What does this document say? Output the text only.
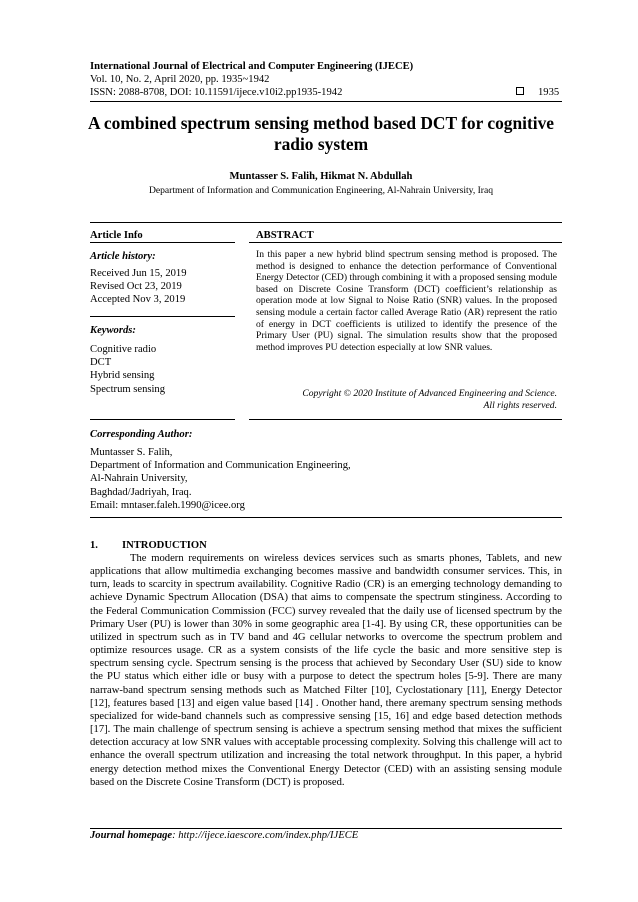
International Journal of Electrical and Computer Engineering (IJECE)
Vol. 10, No. 2, April 2020, pp. 1935~1942
ISSN: 2088-8708, DOI: 10.11591/ijece.v10i2.pp1935-1942	1935
A combined spectrum sensing method based DCT for cognitive
radio system
Muntasser S. Falih, Hikmat N. Abdullah
Department of Information and Communication Engineering, Al-Nahrain University, Iraq
Article Info
Article history:
Received Jun 15, 2019
Revised Oct 23, 2019
Accepted Nov 3, 2019
Keywords:
Cognitive radio
DCT
Hybrid sensing
Spectrum sensing
ABSTRACT
In this paper a new hybrid blind spectrum sensing method is proposed. The method is designed to enhance the detection performance of Conventional Energy Detector (CED) through combining it with a proposed sensing module based on Discrete Cosine Transform (DCT) coefficient’s relationship as operation mode at low Signal to Noise Ratio (SNR) values. In the proposed sensing module a certain factor called Average Ratio (AR) represent the ratio of energy in DCT coefficients is utilized to identify the presence of the Primary User (PU) signal. The simulation results show that the proposed method improves PU detection especially at low SNR values.
Copyright © 2020 Institute of Advanced Engineering and Science.
All rights reserved.
Corresponding Author:
Muntasser S. Falih,
Department of Information and Communication Engineering,
Al-Nahrain University,
Baghdad/Jadriyah, Iraq.
Email: mntaser.faleh.1990@icee.org
1. INTRODUCTION
The modern requirements on wireless devices services such as smarts phones, Tablets, and new applications that allow multimedia exchanging becomes massive and bandwidth consumer services. This, in turn, leads to scarcity in spectrum availability. Cognitive Radio (CR) is an emerging technology demanding to achieve Dynamic Spectrum Allocation (DSA) that aims to compensate the spectrum stinginess. According to the Federal Communication Commission (FCC) survey revealed that the daily use of licensed spectrum by the Primary User (PU) is lower than 30% in some geographic area [1-4]. By using CR, these opportunities can be utilized in spectrum such as in TV band and 4G cellular networks to overcome the spectrum problem and optimize resources usage. CR as a system consists of the life cycle the basic and more sensitive step is spectrum sensing cycle. Spectrum sensing is the process that achieved by Secondary User (SU) side to know the PU status which either idle or busy with a purpose to detect the spectrum holes [5-9]. There are many narraw-band spectrum sensing methods such as Matched Filter [10], Cyclostationary [11], Energy Detector [12], features based [13] and eigen value based [14] . Onother hand, there aremany spectrum sensing methods specialized for wide-band channels such as compressive sensing [15, 16] and edge based detection methods [17]. The main challenge of spectrum sensing is achieve a spectrum sensing method that mixes the sufficient detection accuracy at low SNR values with acceptable processing complexity. Solving this challenge will act to enhance the overall spectrum utilization and increasing the total network throughput. In this paper, a hybrid energy detection method mixes the Conventional Energy Detector (CED) with an assisting sensing module based on the Discrete Cosine Transform (DCT) is proposed.
Journal homepage: http://ijece.iaescore.com/index.php/IJECE
